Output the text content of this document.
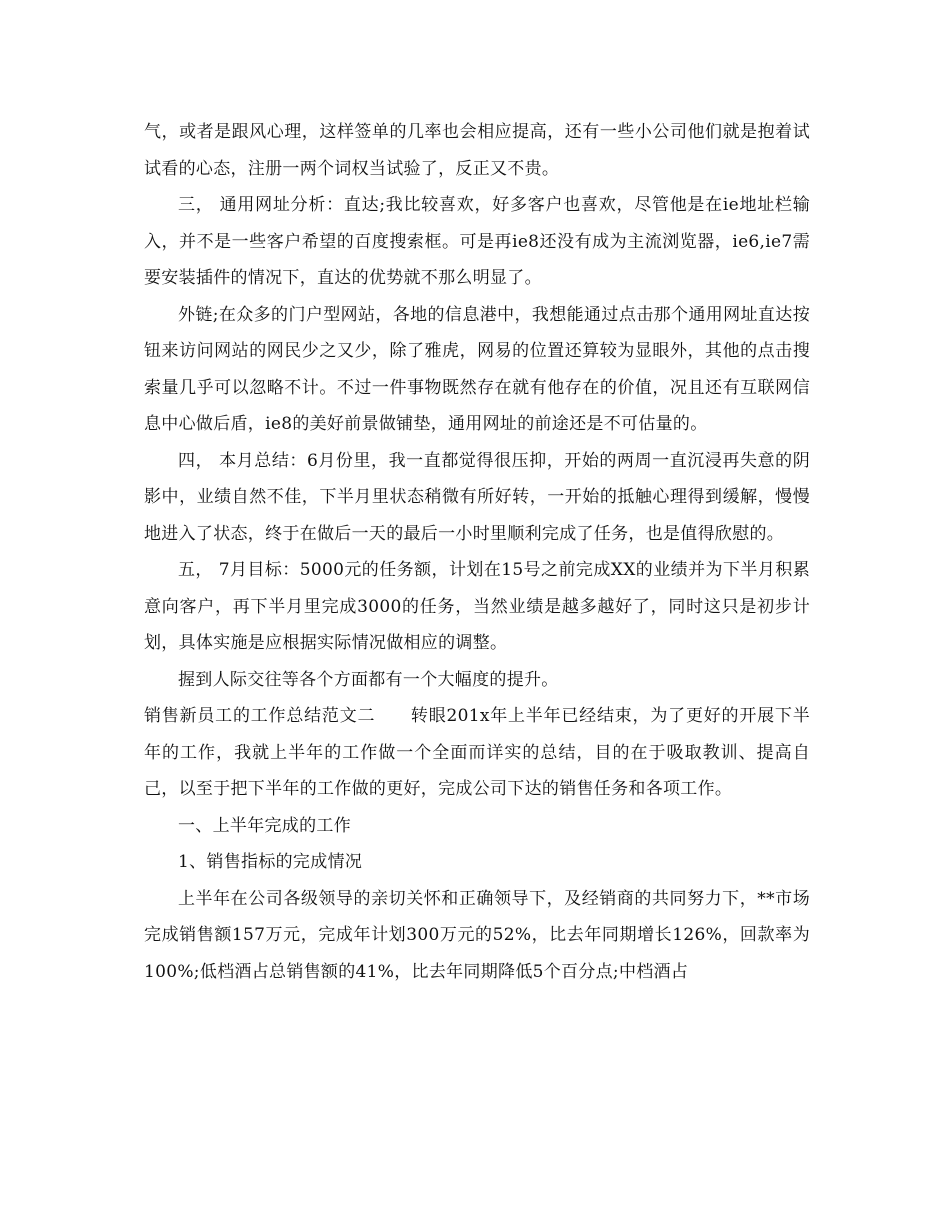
气，或者是跟风心理，这样签单的几率也会相应提高，还有一些小公司他们就是抱着试试看的心态，注册一两个词权当试验了，反正又不贵。

三， 通用网址分析：直达;我比较喜欢，好多客户也喜欢，尽管他是在ie地址栏输入，并不是一些客户希望的百度搜索框。可是再ie8还没有成为主流浏览器，ie6,ie7需要安装插件的情况下，直达的优势就不那么明显了。

外链;在众多的门户型网站，各地的信息港中，我想能通过点击那个通用网址直达按钮来访问网站的网民少之又少，除了雅虎，网易的位置还算较为显眼外，其他的点击搜索量几乎可以忽略不计。不过一件事物既然存在就有他存在的价值，况且还有互联网信息中心做后盾，ie8的美好前景做铺垫，通用网址的前途还是不可估量的。

四， 本月总结：6月份里，我一直都觉得很压抑，开始的两周一直沉浸再失意的阴影中，业绩自然不佳，下半月里状态稍微有所好转，一开始的抵触心理得到缓解，慢慢地进入了状态，终于在做后一天的最后一小时里顺利完成了任务，也是值得欣慰的。

五， 7月目标：5000元的任务额，计划在15号之前完成XX的业绩并为下半月积累意向客户，再下半月里完成3000的任务，当然业绩是越多越好了，同时这只是初步计划，具体实施是应根据实际情况做相应的调整。

握到人际交往等各个方面都有一个大幅度的提升。

销售新员工的工作总结范文二　　转眼201x年上半年已经结束，为了更好的开展下半年的工作，我就上半年的工作做一个全面而详实的总结，目的在于吸取教训、提高自己，以至于把下半年的工作做的更好，完成公司下达的销售任务和各项工作。

一、上半年完成的工作

1、销售指标的完成情况

上半年在公司各级领导的亲切关怀和正确领导下，及经销商的共同努力下，**市场完成销售额157万元，完成年计划300万元的52%，比去年同期增长126%，回款率为100%;低档酒占总销售额的41%，比去年同期降低5个百分点;中档酒占
